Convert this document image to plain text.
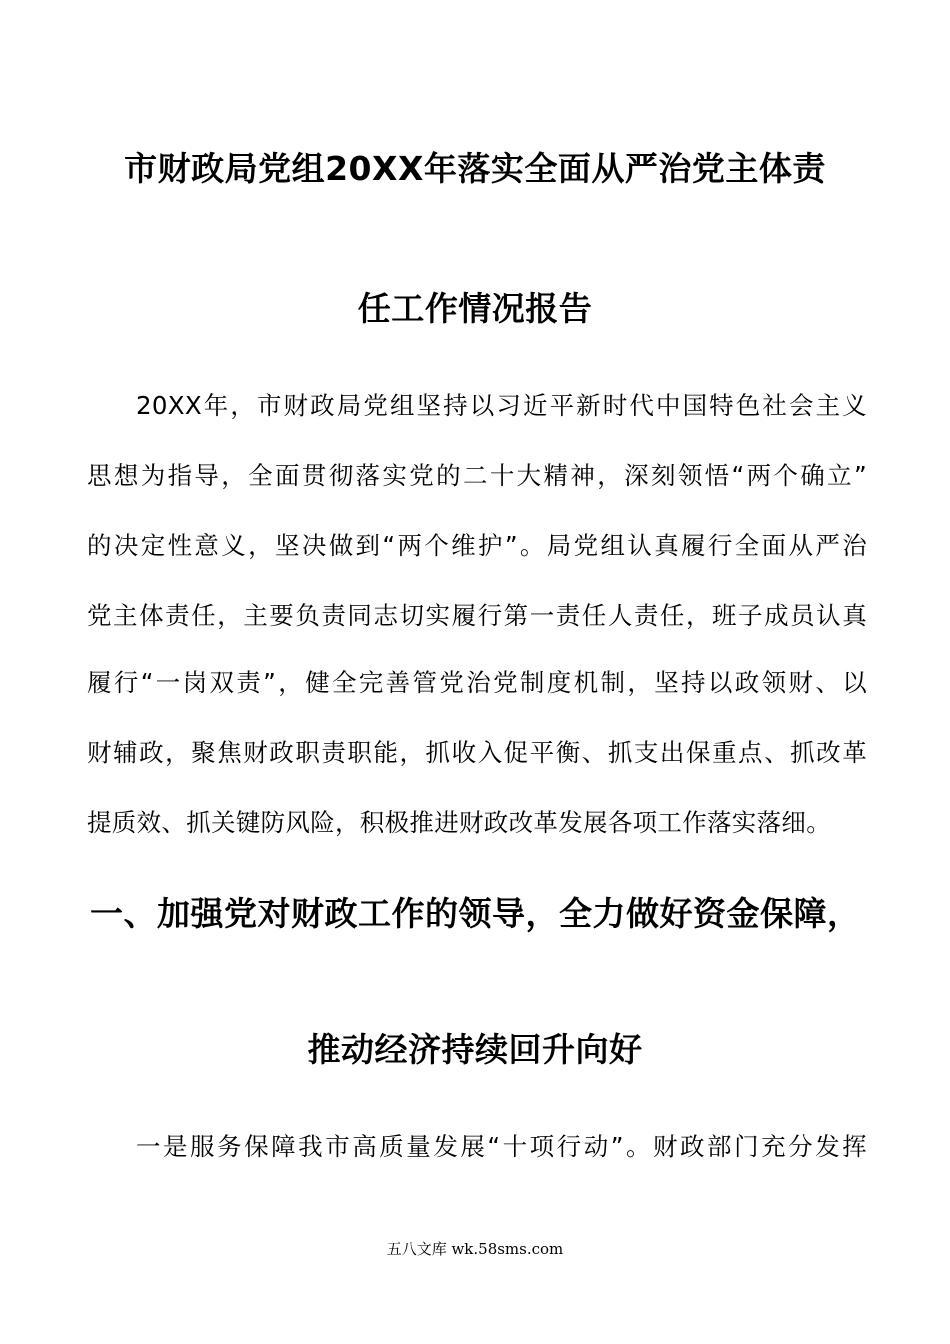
市财政局党组20XX年落实全面从严治党主体责
任工作情况报告
20XX年，市财政局党组坚持以习近平新时代中国特色社会主义
思想为指导，全面贯彻落实党的二十大精神，深刻领悟“两个确立”
的决定性意义，坚决做到“两个维护”。局党组认真履行全面从严治
党主体责任，主要负责同志切实履行第一责任人责任，班子成员认真
履行“一岗双责”，健全完善管党治党制度机制，坚持以政领财、以
财辅政，聚焦财政职责职能，抓收入促平衡、抓支出保重点、抓改革
提质效、抓关键防风险，积极推进财政改革发展各项工作落实落细。
一、加强党对财政工作的领导，全力做好资金保障，
推动经济持续回升向好
一是服务保障我市高质量发展“十项行动”。财政部门充分发挥
五八文库 wk.58sms.com
